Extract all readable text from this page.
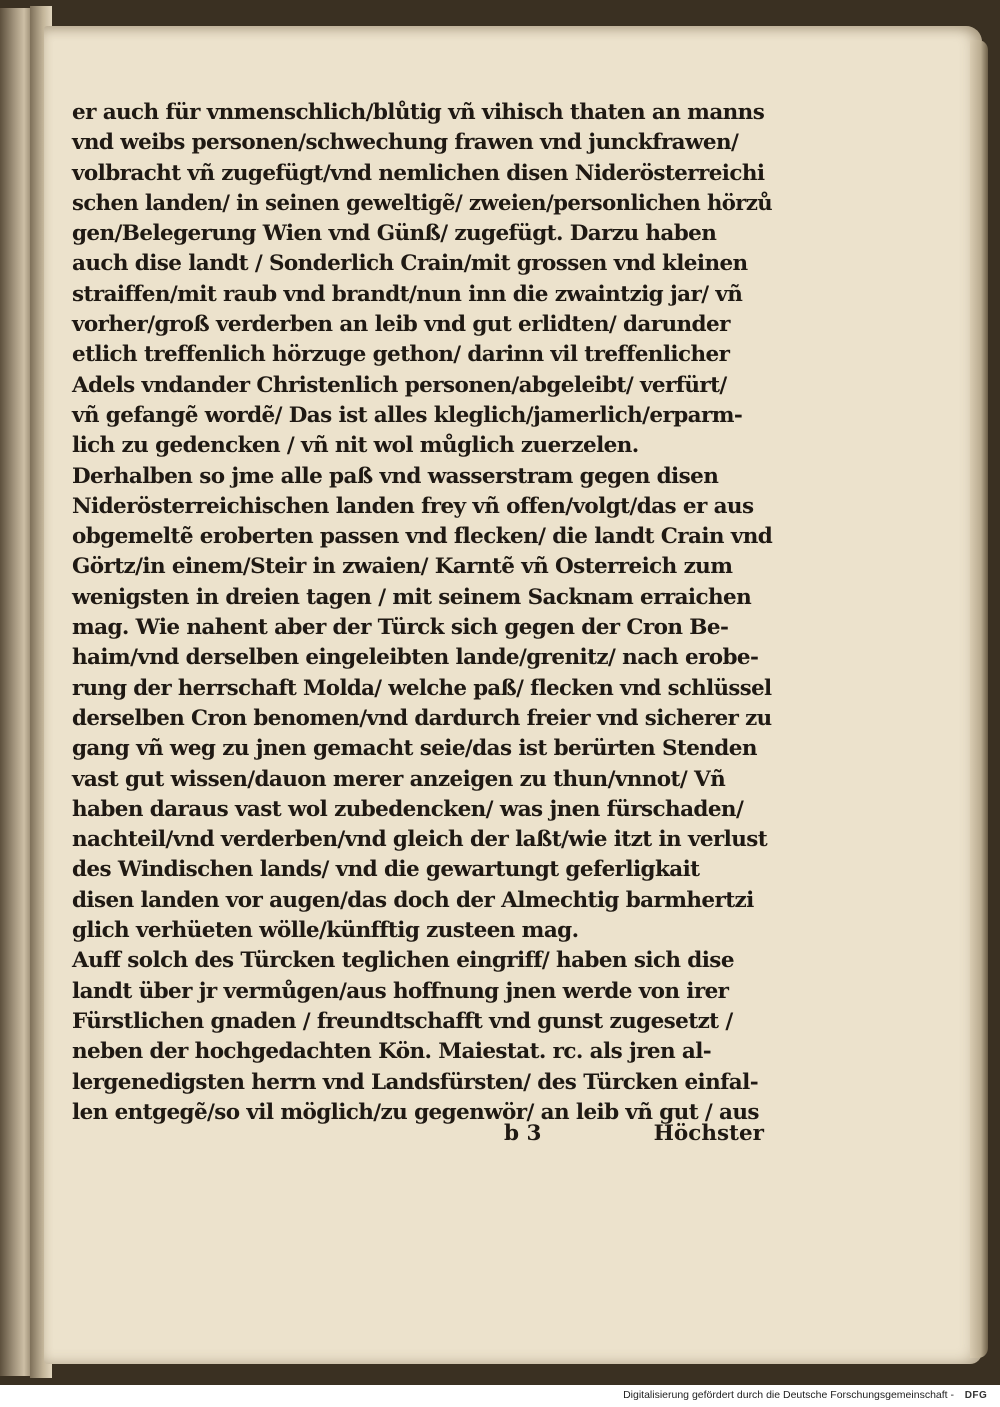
er auch für vnmenschlich/blůtig vñ vihisch thaten an manns
vnd weibs personen/schwechung frawen vnd junckfrawen/
volbracht vñ zugefügt/vnd nemlichen disen Niderösterreichi
schen landen/ in seinen geweltigẽ/ zweien/personlichen hörzů
gen/Belegerung Wien vnd Günß/ zugefügt. Darzu haben
auch dise landt / Sonderlich Crain/mit grossen vnd kleinen
straiffen/mit raub vnd brandt/nun inn die zwaintzig jar/ vñ
vorher/groß verderben an leib vnd gut erlidten/ darunder
etlich treffenlich hörzuge gethon/ darinn vil treffenlicher
Adels vndander Christenlich personen/abgeleibt/ verfürt/
vñ gefangẽ wordẽ/ Das ist alles kleglich/jamerlich/erparm-
lich zu gedencken / vñ nit wol můglich zuerzelen.
Derhalben so jme alle paß vnd wasserstram gegen disen
Niderösterreichischen landen frey vñ offen/volgt/das er aus
obgemeltẽ eroberten passen vnd flecken/ die landt Crain vnd
Görtz/in einem/Steir in zwaien/ Karntẽ vñ Osterreich zum
wenigsten in dreien tagen / mit seinem Sacknam erraichen
mag. Wie nahent aber der Türck sich gegen der Cron Be-
haim/vnd derselben eingeleibten lande/grenitz/ nach erobe-
rung der herrschaft Molda/ welche paß/ flecken vnd schlüssel
derselben Cron benomen/vnd dardurch freier vnd sicherer zu
gang vñ weg zu jnen gemacht seie/das ist berürten Stenden
vast gut wissen/dauon merer anzeigen zu thun/vnnot/ Vñ
haben daraus vast wol zubedencken/ was jnen fürschaden/
nachteil/vnd verderben/vnd gleich der laßt/wie itzt in verlust
des Windischen lands/ vnd die gewartungt geferligkait
disen landen vor augen/das doch der Almechtig barmhertzi
glich verhüeten wölle/künfftig zusteen mag.
Auff solch des Türcken teglichen eingriff/ haben sich dise
landt über jr vermůgen/aus hoffnung jnen werde von irer
Fürstlichen gnaden / freundtschafft vnd gunst zugesetzt /
neben der hochgedachten Kön. Maiestat. rc. als jren al-
lergenedigsten herrn vnd Landsfürsten/ des Türcken einfal-
len entgegẽ/so vil möglich/zu gegenwör/ an leib vñ gut / aus
b 3	Höchster
Digitalisierung gefördert durch die Deutsche Forschungsgemeinschaft -	DFG
